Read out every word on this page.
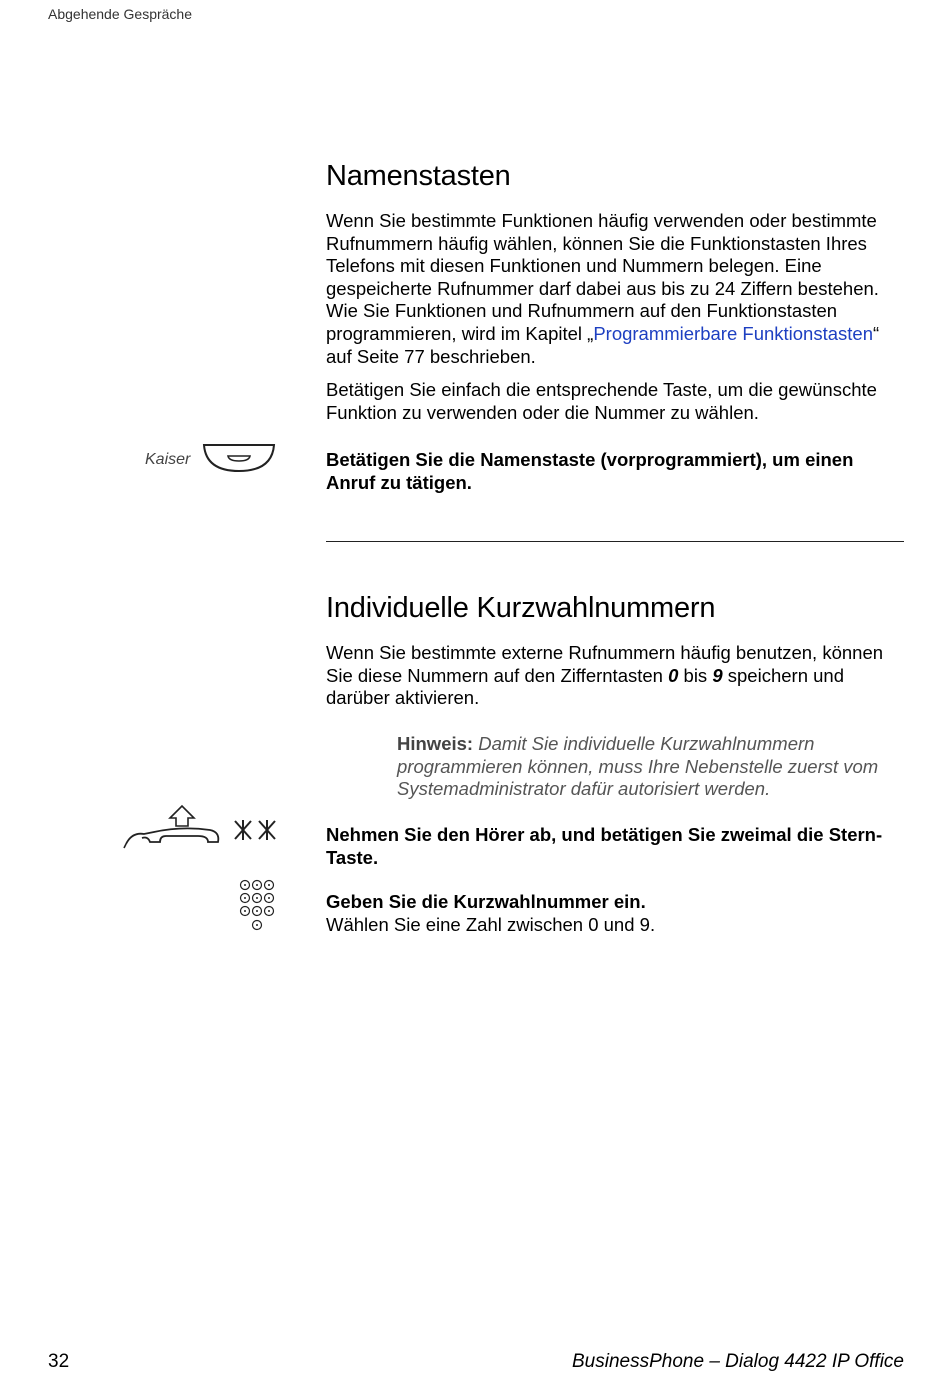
Abgehende Gespräche
Namenstasten

Wenn Sie bestimmte Funktionen häufig verwenden oder bestimmte Rufnummern häufig wählen, können Sie die Funktionstasten Ihres Telefons mit diesen Funktionen und Nummern belegen. Eine gespeicherte Rufnummer darf dabei aus bis zu 24 Ziffern bestehen. Wie Sie Funktionen und Rufnummern auf den Funktionstasten programmieren, wird im Kapitel „Programmierbare Funktionstasten“ auf Seite 77 beschrieben.

Betätigen Sie einfach die entsprechende Taste, um die gewünschte Funktion zu verwenden oder die Nummer zu wählen.

Kaiser	Betätigen Sie die Namenstaste (vorprogrammiert), um einen Anruf zu tätigen.
Individuelle Kurzwahlnummern

Wenn Sie bestimmte externe Rufnummern häufig benutzen, können Sie diese Nummern auf den Zifferntasten 0 bis 9 speichern und darüber aktivieren.

Hinweis: Damit Sie individuelle Kurzwahlnummern programmieren können, muss Ihre Nebenstelle zuerst vom Systemadministrator dafür autorisiert werden.
Nehmen Sie den Hörer ab, und betätigen Sie zweimal die Stern-Taste.
Geben Sie die Kurzwahlnummer ein.
Wählen Sie eine Zahl zwischen 0 und 9.
32	BusinessPhone – Dialog 4422 IP Office
